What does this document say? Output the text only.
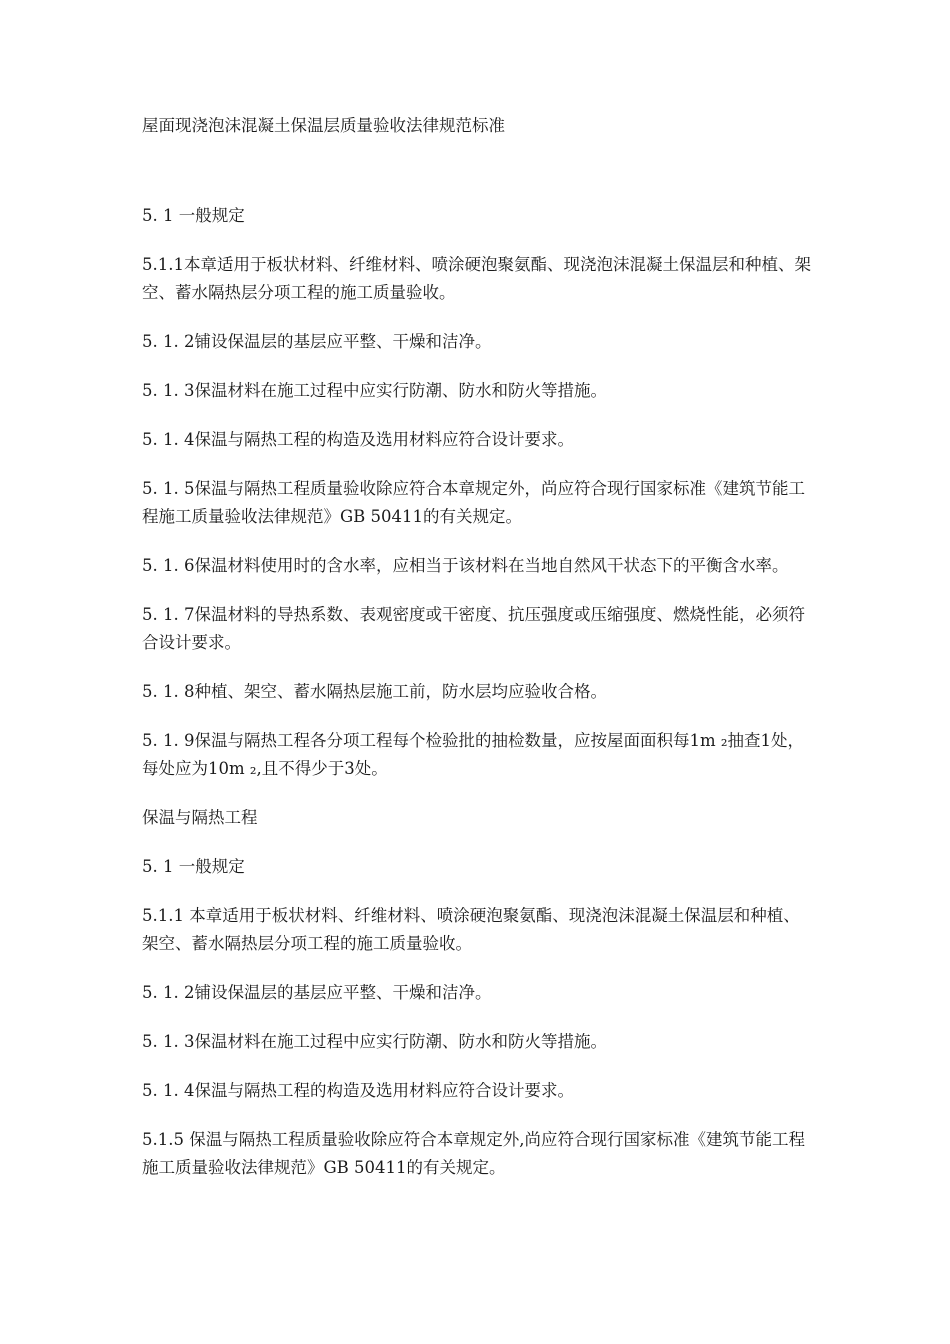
屋面现浇泡沫混凝土保温层质量验收法律规范标准

5. 1 一般规定

5.1.1本章适用于板状材料、纤维材料、喷涂硬泡聚氨酯、现浇泡沫混凝土保温层和种植、架空、蓄水隔热层分项工程的施工质量验收。

5. 1. 2铺设保温层的基层应平整、干燥和洁净。

5. 1. 3保温材料在施工过程中应实行防潮、防水和防火等措施。

5. 1. 4保温与隔热工程的构造及选用材料应符合设计要求。

5. 1. 5保温与隔热工程质量验收除应符合本章规定外，尚应符合现行国家标准《建筑节能工程施工质量验收法律规范》GB 50411的有关规定。

5. 1. 6保温材料使用时的含水率，应相当于该材料在当地自然风干状态下的平衡含水率。

5. 1. 7保温材料的导热系数、表观密度或干密度、抗压强度或压缩强度、燃烧性能，必须符合设计要求。

5. 1. 8种植、架空、蓄水隔热层施工前，防水层均应验收合格。

5. 1. 9保温与隔热工程各分项工程每个检验批的抽检数量，应按屋面面积每1m ₂抽查1处，每处应为10m ₂,且不得少于3处。

保温与隔热工程

5. 1 一般规定

5.1.1 本章适用于板状材料、纤维材料、喷涂硬泡聚氨酯、现浇泡沫混凝土保温层和种植、架空、蓄水隔热层分项工程的施工质量验收。

5. 1. 2铺设保温层的基层应平整、干燥和洁净。

5. 1. 3保温材料在施工过程中应实行防潮、防水和防火等措施。

5. 1. 4保温与隔热工程的构造及选用材料应符合设计要求。

5.1.5 保温与隔热工程质量验收除应符合本章规定外,尚应符合现行国家标准《建筑节能工程施工质量验收法律规范》GB 50411的有关规定。
